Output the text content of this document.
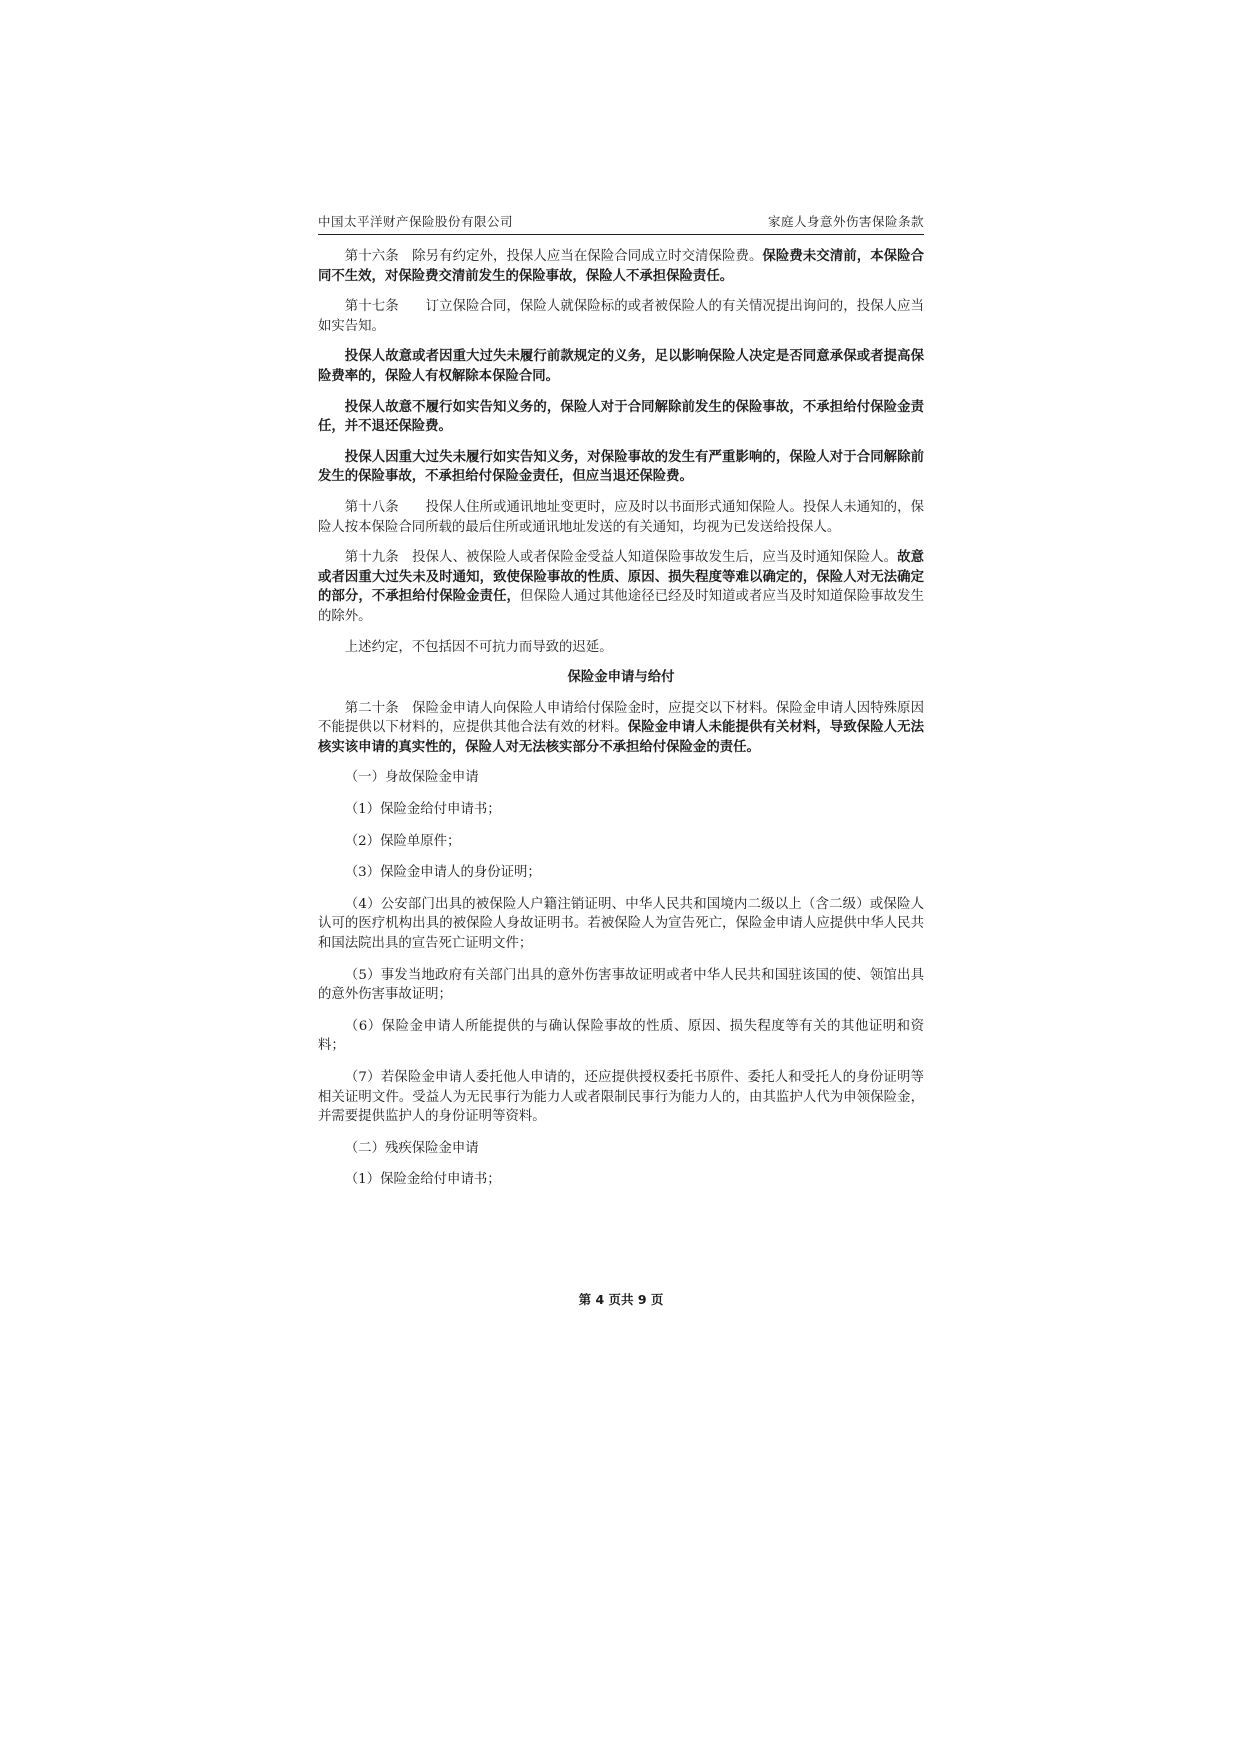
中国太平洋财产保险股份有限公司	家庭人身意外伤害保险条款

第十六条　除另有约定外，投保人应当在保险合同成立时交清保险费。保险费未交清前，本保险合同不生效，对保险费交清前发生的保险事故，保险人不承担保险责任。

第十七条　　订立保险合同，保险人就保险标的或者被保险人的有关情况提出询问的，投保人应当如实告知。

投保人故意或者因重大过失未履行前款规定的义务，足以影响保险人决定是否同意承保或者提高保险费率的，保险人有权解除本保险合同。

投保人故意不履行如实告知义务的，保险人对于合同解除前发生的保险事故，不承担给付保险金责任，并不退还保险费。

投保人因重大过失未履行如实告知义务，对保险事故的发生有严重影响的，保险人对于合同解除前发生的保险事故，不承担给付保险金责任，但应当退还保险费。

第十八条　　投保人住所或通讯地址变更时，应及时以书面形式通知保险人。投保人未通知的，保险人按本保险合同所载的最后住所或通讯地址发送的有关通知，均视为已发送给投保人。

第十九条　投保人、被保险人或者保险金受益人知道保险事故发生后，应当及时通知保险人。故意或者因重大过失未及时通知，致使保险事故的性质、原因、损失程度等难以确定的，保险人对无法确定的部分，不承担给付保险金责任，但保险人通过其他途径已经及时知道或者应当及时知道保险事故发生的除外。

上述约定，不包括因不可抗力而导致的迟延。

保险金申请与给付

第二十条　保险金申请人向保险人申请给付保险金时，应提交以下材料。保险金申请人因特殊原因不能提供以下材料的，应提供其他合法有效的材料。保险金申请人未能提供有关材料，导致保险人无法核实该申请的真实性的，保险人对无法核实部分不承担给付保险金的责任。

（一）身故保险金申请

（1）保险金给付申请书；

（2）保险单原件；

（3）保险金申请人的身份证明；

（4）公安部门出具的被保险人户籍注销证明、中华人民共和国境内二级以上（含二级）或保险人认可的医疗机构出具的被保险人身故证明书。若被保险人为宣告死亡，保险金申请人应提供中华人民共和国法院出具的宣告死亡证明文件；

（5）事发当地政府有关部门出具的意外伤害事故证明或者中华人民共和国驻该国的使、领馆出具的意外伤害事故证明；

（6）保险金申请人所能提供的与确认保险事故的性质、原因、损失程度等有关的其他证明和资料；

（7）若保险金申请人委托他人申请的，还应提供授权委托书原件、委托人和受托人的身份证明等相关证明文件。受益人为无民事行为能力人或者限制民事行为能力人的，由其监护人代为申领保险金，并需要提供监护人的身份证明等资料。

（二）残疾保险金申请

（1）保险金给付申请书；

第 4 页共 9 页
